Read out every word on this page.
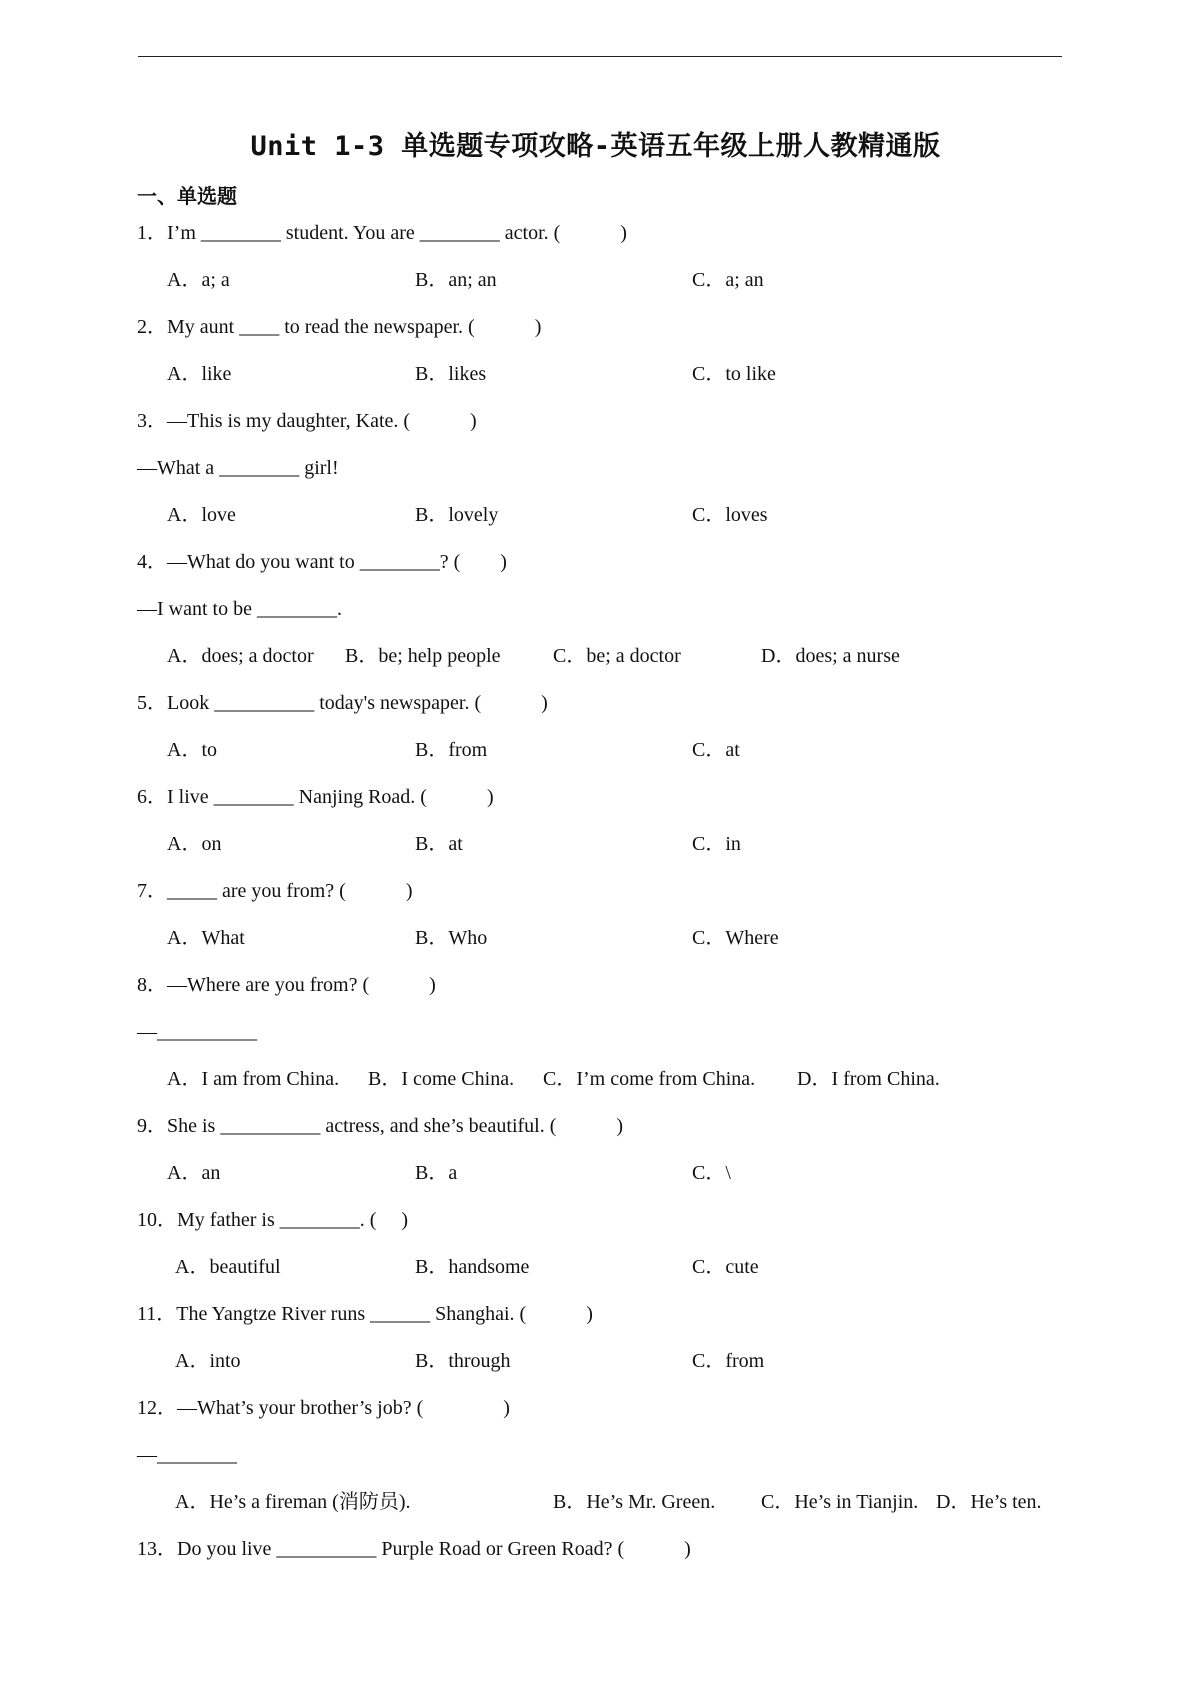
Unit 1-3 单选题专项攻略-英语五年级上册人教精通版
一、单选题
1．I’m ________ student. You are ________ actor. (　　　)
A．a; a	B．an; an	C．a; an
2．My aunt ____ to read the newspaper. (　　　)
A．like	B．likes	C．to like
3．—This is my daughter, Kate. (　　　)
—What a ________ girl!
A．love	B．lovely	C．loves
4．—What do you want to ________? (　　)
—I want to be ________.
A．does; a doctor B．be; help people	C．be; a doctor	D．does; a nurse
5．Look __________ today's newspaper. (　　　)
A．to	B．from	C．at
6．I live ________ Nanjing Road. (　　　)
A．on	B．at	C．in
7．_____ are you from? (　　　)
A．What	B．Who	C．Where
8．—Where are you from? (　　　)
—__________
A．I am from China. B．I come China. C．I’m come from China. D．I from China.
9．She is __________ actress, and she’s beautiful. (　　　)
A．an	B．a	C．\
10．My father is ________. (　 )
A．beautiful	B．handsome	C．cute
11．The Yangtze River runs ______ Shanghai. (　　　)
A．into	B．through	C．from
12．—What’s your brother’s job? (　　　　)
—________
A．He’s a fireman (消防员).	B．He’s Mr. Green. C．He’s in Tianjin. D．He’s ten.
13．Do you live __________ Purple Road or Green Road? (　　　)
